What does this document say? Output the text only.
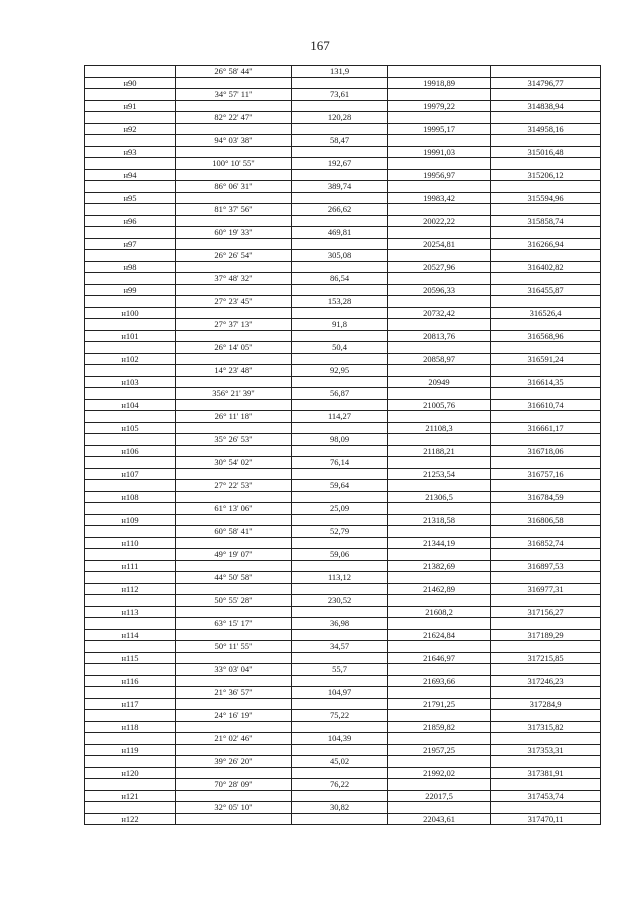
167
	26° 58' 44"	131,9		
н90			19918,89	314796,77
	34° 57' 11"	73,61		
н91			19979,22	314838,94
	82° 22' 47"	120,28		
н92			19995,17	314958,16
	94° 03' 38"	58,47		
н93			19991,03	315016,48
	100° 10' 55"	192,67		
н94			19956,97	315206,12
	86° 06' 31"	389,74		
н95			19983,42	315594,96
	81° 37' 56"	266,62		
н96			20022,22	315858,74
	60° 19' 33"	469,81		
н97			20254,81	316266,94
	26° 26' 54"	305,08		
н98			20527,96	316402,82
	37° 48' 32"	86,54		
н99			20596,33	316455,87
	27° 23' 45"	153,28		
н100			20732,42	316526,4
	27° 37' 13"	91,8		
н101			20813,76	316568,96
	26° 14' 05"	50,4		
н102			20858,97	316591,24
	14° 23' 48"	92,95		
н103			20949	316614,35
	356° 21' 39"	56,87		
н104			21005,76	316610,74
	26° 11' 18"	114,27		
н105			21108,3	316661,17
	35° 26' 53"	98,09		
н106			21188,21	316718,06
	30° 54' 02"	76,14		
н107			21253,54	316757,16
	27° 22' 53"	59,64		
н108			21306,5	316784,59
	61° 13' 06"	25,09		
н109			21318,58	316806,58
	60° 58' 41"	52,79		
н110			21344,19	316852,74
	49° 19' 07"	59,06		
н111			21382,69	316897,53
	44° 50' 58"	113,12		
н112			21462,89	316977,31
	50° 55' 28"	230,52		
н113			21608,2	317156,27
	63° 15' 17"	36,98		
н114			21624,84	317189,29
	50° 11' 55"	34,57		
н115			21646,97	317215,85
	33° 03' 04"	55,7		
н116			21693,66	317246,23
	21° 36' 57"	104,97		
н117			21791,25	317284,9
	24° 16' 19"	75,22		
н118			21859,82	317315,82
	21° 02' 46"	104,39		
н119			21957,25	317353,31
	39° 26' 20"	45,02		
н120			21992,02	317381,91
	70° 28' 09"	76,22		
н121			22017,5	317453,74
	32° 05' 10"	30,82		
н122			22043,61	317470,11
